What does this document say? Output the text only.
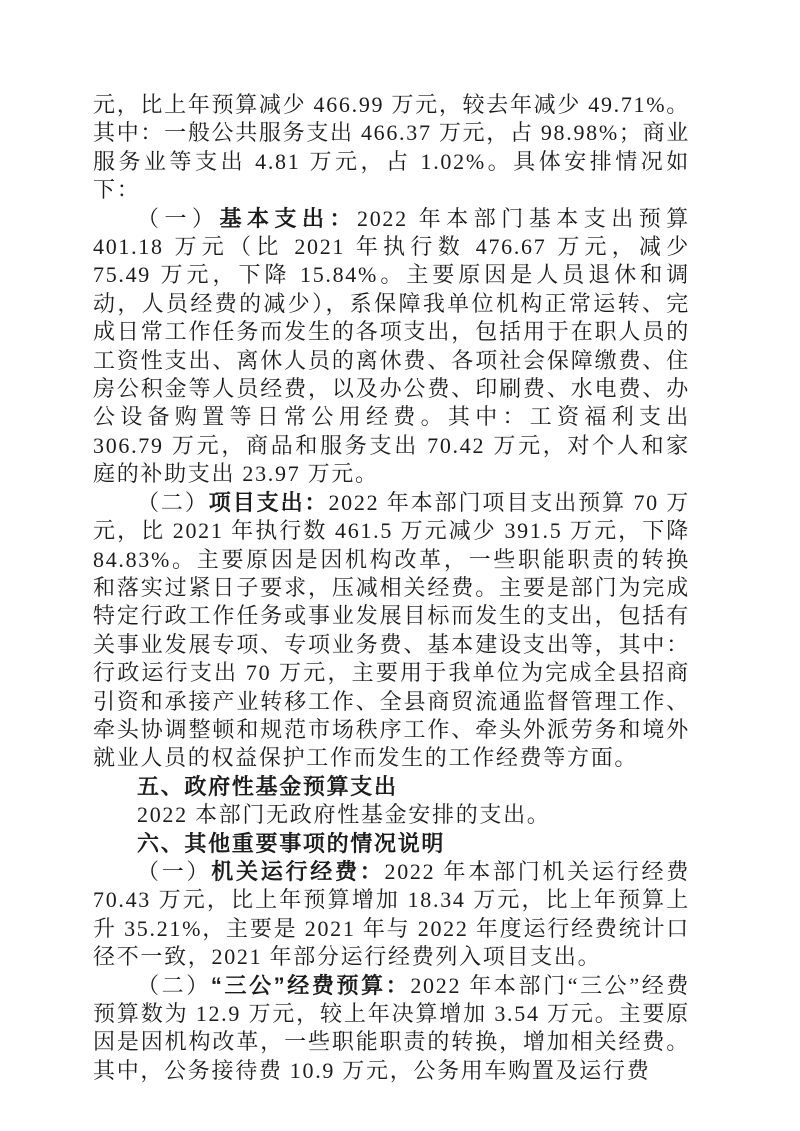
元，比上年预算减少 466.99 万元，较去年减少 49.71%。其中：一般公共服务支出 466.37 万元，占 98.98%；商业服务业等支出 4.81 万元，占 1.02%。具体安排情况如下：

（一）基本支出：2022 年本部门基本支出预算 401.18 万元（比 2021 年执行数 476.67 万元，减少 75.49 万元，下降 15.84%。主要原因是人员退休和调动，人员经费的减少），系保障我单位机构正常运转、完成日常工作任务而发生的各项支出，包括用于在职人员的工资性支出、离休人员的离休费、各项社会保障缴费、住房公积金等人员经费，以及办公费、印刷费、水电费、办公设备购置等日常公用经费。其中：工资福利支出 306.79 万元，商品和服务支出 70.42 万元，对个人和家庭的补助支出 23.97 万元。

（二）项目支出：2022 年本部门项目支出预算 70 万元，比 2021 年执行数 461.5 万元减少 391.5 万元，下降 84.83%。主要原因是因机构改革，一些职能职责的转换和落实过紧日子要求，压减相关经费。主要是部门为完成特定行政工作任务或事业发展目标而发生的支出，包括有关事业发展专项、专项业务费、基本建设支出等，其中：行政运行支出 70 万元，主要用于我单位为完成全县招商引资和承接产业转移工作、全县商贸流通监督管理工作、牵头协调整顿和规范市场秩序工作、牵头外派劳务和境外就业人员的权益保护工作而发生的工作经费等方面。

五、政府性基金预算支出

2022 本部门无政府性基金安排的支出。

六、其他重要事项的情况说明

（一）机关运行经费：2022 年本部门机关运行经费 70.43 万元，比上年预算增加 18.34 万元，比上年预算上升 35.21%，主要是 2021 年与 2022 年度运行经费统计口径不一致，2021 年部分运行经费列入项目支出。

（二）“三公”经费预算：2022 年本部门“三公”经费预算数为 12.9 万元，较上年决算增加 3.54 万元。主要原因是因机构改革，一些职能职责的转换，增加相关经费。其中，公务接待费 10.9 万元，公务用车购置及运行费
